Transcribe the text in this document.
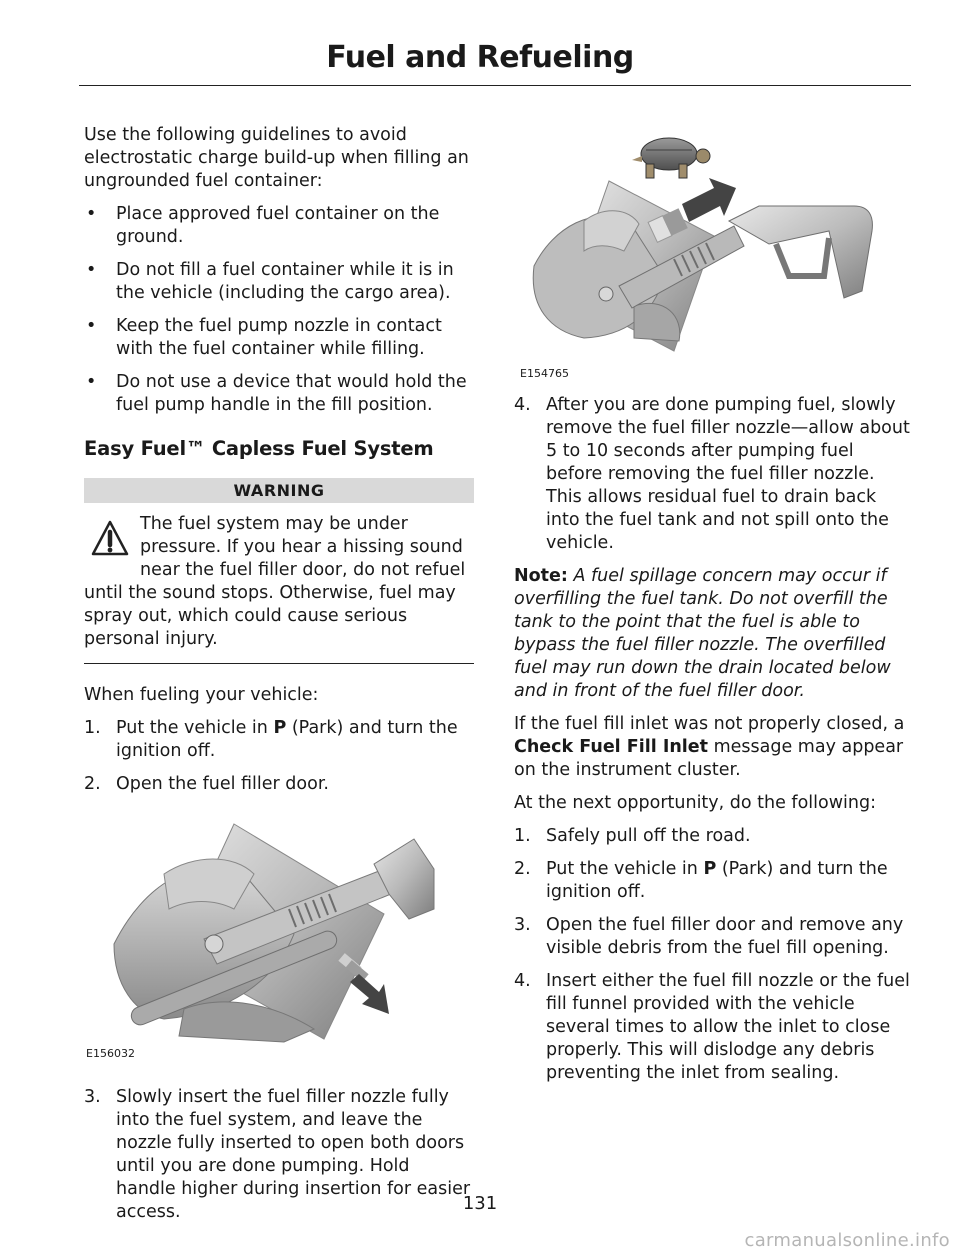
Fuel and Refueling

Use the following guidelines to avoid electrostatic charge build-up when filling an ungrounded fuel container:

• Place approved fuel container on the ground.
• Do not fill a fuel container while it is in the vehicle (including the cargo area).
• Keep the fuel pump nozzle in contact with the fuel container while filling.
• Do not use a device that would hold the fuel pump handle in the fill position.
Easy Fuel™ Capless Fuel System
WARNING
The fuel system may be under pressure. If you hear a hissing sound near the fuel filler door, do not refuel until the sound stops. Otherwise, fuel may spray out, which could cause serious personal injury.

When fueling your vehicle:

1. Put the vehicle in P (Park) and turn the ignition off.
2. Open the fuel filler door.
E156032
3. Slowly insert the fuel filler nozzle fully into the fuel system, and leave the nozzle fully inserted to open both doors until you are done pumping. Hold handle higher during insertion for easier access.
E154765
4. After you are done pumping fuel, slowly remove the fuel filler nozzle—allow about 5 to 10 seconds after pumping fuel before removing the fuel filler nozzle. This allows residual fuel to drain back into the fuel tank and not spill onto the vehicle.

Note: A fuel spillage concern may occur if overfilling the fuel tank. Do not overfill the tank to the point that the fuel is able to bypass the fuel filler nozzle. The overfilled fuel may run down the drain located below and in front of the fuel filler door.

If the fuel fill inlet was not properly closed, a Check Fuel Fill Inlet message may appear on the instrument cluster.

At the next opportunity, do the following:

1. Safely pull off the road.
2. Put the vehicle in P (Park) and turn the ignition off.
3. Open the fuel filler door and remove any visible debris from the fuel fill opening.
4. Insert either the fuel fill nozzle or the fuel fill funnel provided with the vehicle several times to allow the inlet to close properly. This will dislodge any debris preventing the inlet from sealing.
131
carmanualsonline.info
